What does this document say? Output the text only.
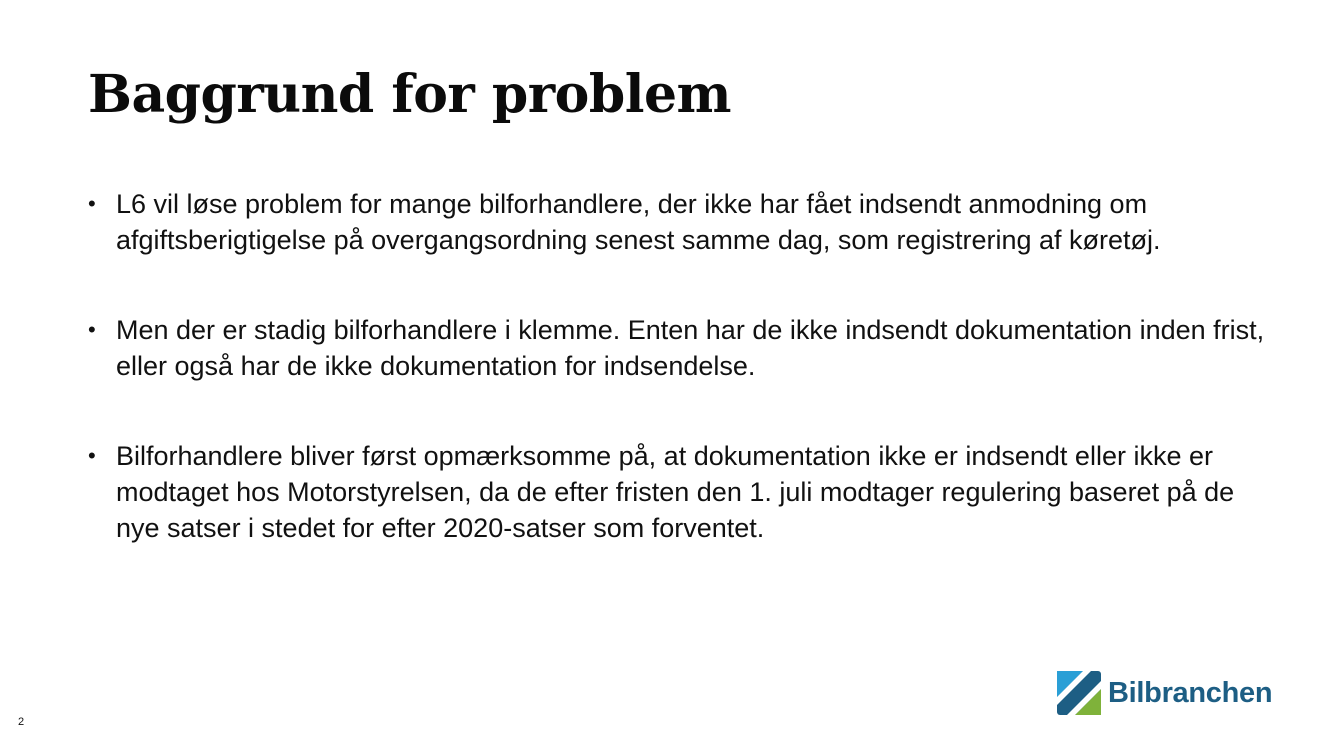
Baggrund for problem
• L6 vil løse problem for mange bilforhandlere, der ikke har fået indsendt anmodning om afgiftsberigtigelse på overgangsordning senest samme dag, som registrering af køretøj.
• Men der er stadig bilforhandlere i klemme. Enten har de ikke indsendt dokumentation inden frist, eller også har de ikke dokumentation for indsendelse.
• Bilforhandlere bliver først opmærksomme på, at dokumentation ikke er indsendt eller ikke er modtaget hos Motorstyrelsen, da de efter fristen den 1. juli modtager regulering baseret på de nye satser i stedet for efter 2020-satser som forventet.
2
Bilbranchen
